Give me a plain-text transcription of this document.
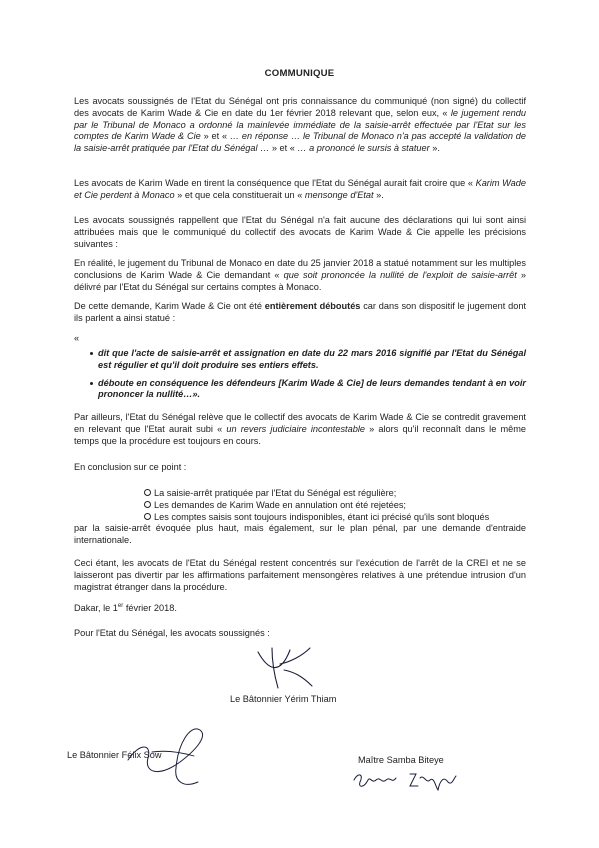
COMMUNIQUE

Les avocats soussignés de l'Etat du Sénégal ont pris connaissance du communiqué (non signé) du collectif des avocats de Karim Wade & Cie en date du 1er février 2018 relevant que, selon eux, « le jugement rendu par le Tribunal de Monaco a ordonné la mainlevée immédiate de la saisie-arrêt effectuée par l'Etat sur les comptes de Karim Wade & Cie » et « … en réponse … le Tribunal de Monaco n'a pas accepté la validation de la saisie-arrêt pratiquée par l'Etat du Sénégal … » et « … a prononcé le sursis à statuer ».

Les avocats de Karim Wade en tirent la conséquence que l'Etat du Sénégal aurait fait croire que « Karim Wade et Cie perdent à Monaco » et que cela constituerait un « mensonge d'Etat ».

Les avocats soussignés rappellent que l'Etat du Sénégal n'a fait aucune des déclarations qui lui sont ainsi attribuées mais que le communiqué du collectif des avocats de Karim Wade & Cie appelle les précisions suivantes :

En réalité, le jugement du Tribunal de Monaco en date du 25 janvier 2018 a statué notamment sur les multiples conclusions de Karim Wade & Cie demandant « que soit prononcée la nullité de l'exploit de saisie-arrêt » délivré par l'Etat du Sénégal sur certains comptes à Monaco.

De cette demande, Karim Wade & Cie ont été entièrement déboutés car dans son dispositif le jugement dont ils parlent a ainsi statué :

«
dit que l'acte de saisie-arrêt et assignation en date du 22 mars 2016 signifié par l'Etat du Sénégal est régulier et qu'il doit produire ses entiers effets.
déboute en conséquence les défendeurs [Karim Wade & Cie] de leurs demandes tendant à en voir prononcer la nullité…».

Par ailleurs, l'Etat du Sénégal relève que le collectif des avocats de Karim Wade & Cie se contredit gravement en relevant que l'Etat aurait subi « un revers judiciaire incontestable » alors qu'il reconnaît dans le même temps que la procédure est toujours en cours.

En conclusion sur ce point :

La saisie-arrêt pratiquée par l'Etat du Sénégal est régulière;
Les demandes de Karim Wade en annulation ont été rejetées;
Les comptes saisis sont toujours indisponibles, étant ici précisé qu'ils sont bloqués
par la saisie-arrêt évoquée plus haut, mais également, sur le plan pénal, par une demande d'entraide internationale.

Ceci étant, les avocats de l'Etat du Sénégal restent concentrés sur l'exécution de l'arrêt de la CREI et ne se laisseront pas divertir par les affirmations parfaitement mensongères relatives à une prétendue intrusion d'un magistrat étranger dans la procédure.

Dakar, le 1er février 2018.

Pour l'Etat du Sénégal, les avocats soussignés :

Le Bâtonnier Yérim Thiam
Le Bâtonnier Félix Sow	Maître Samba Biteye
